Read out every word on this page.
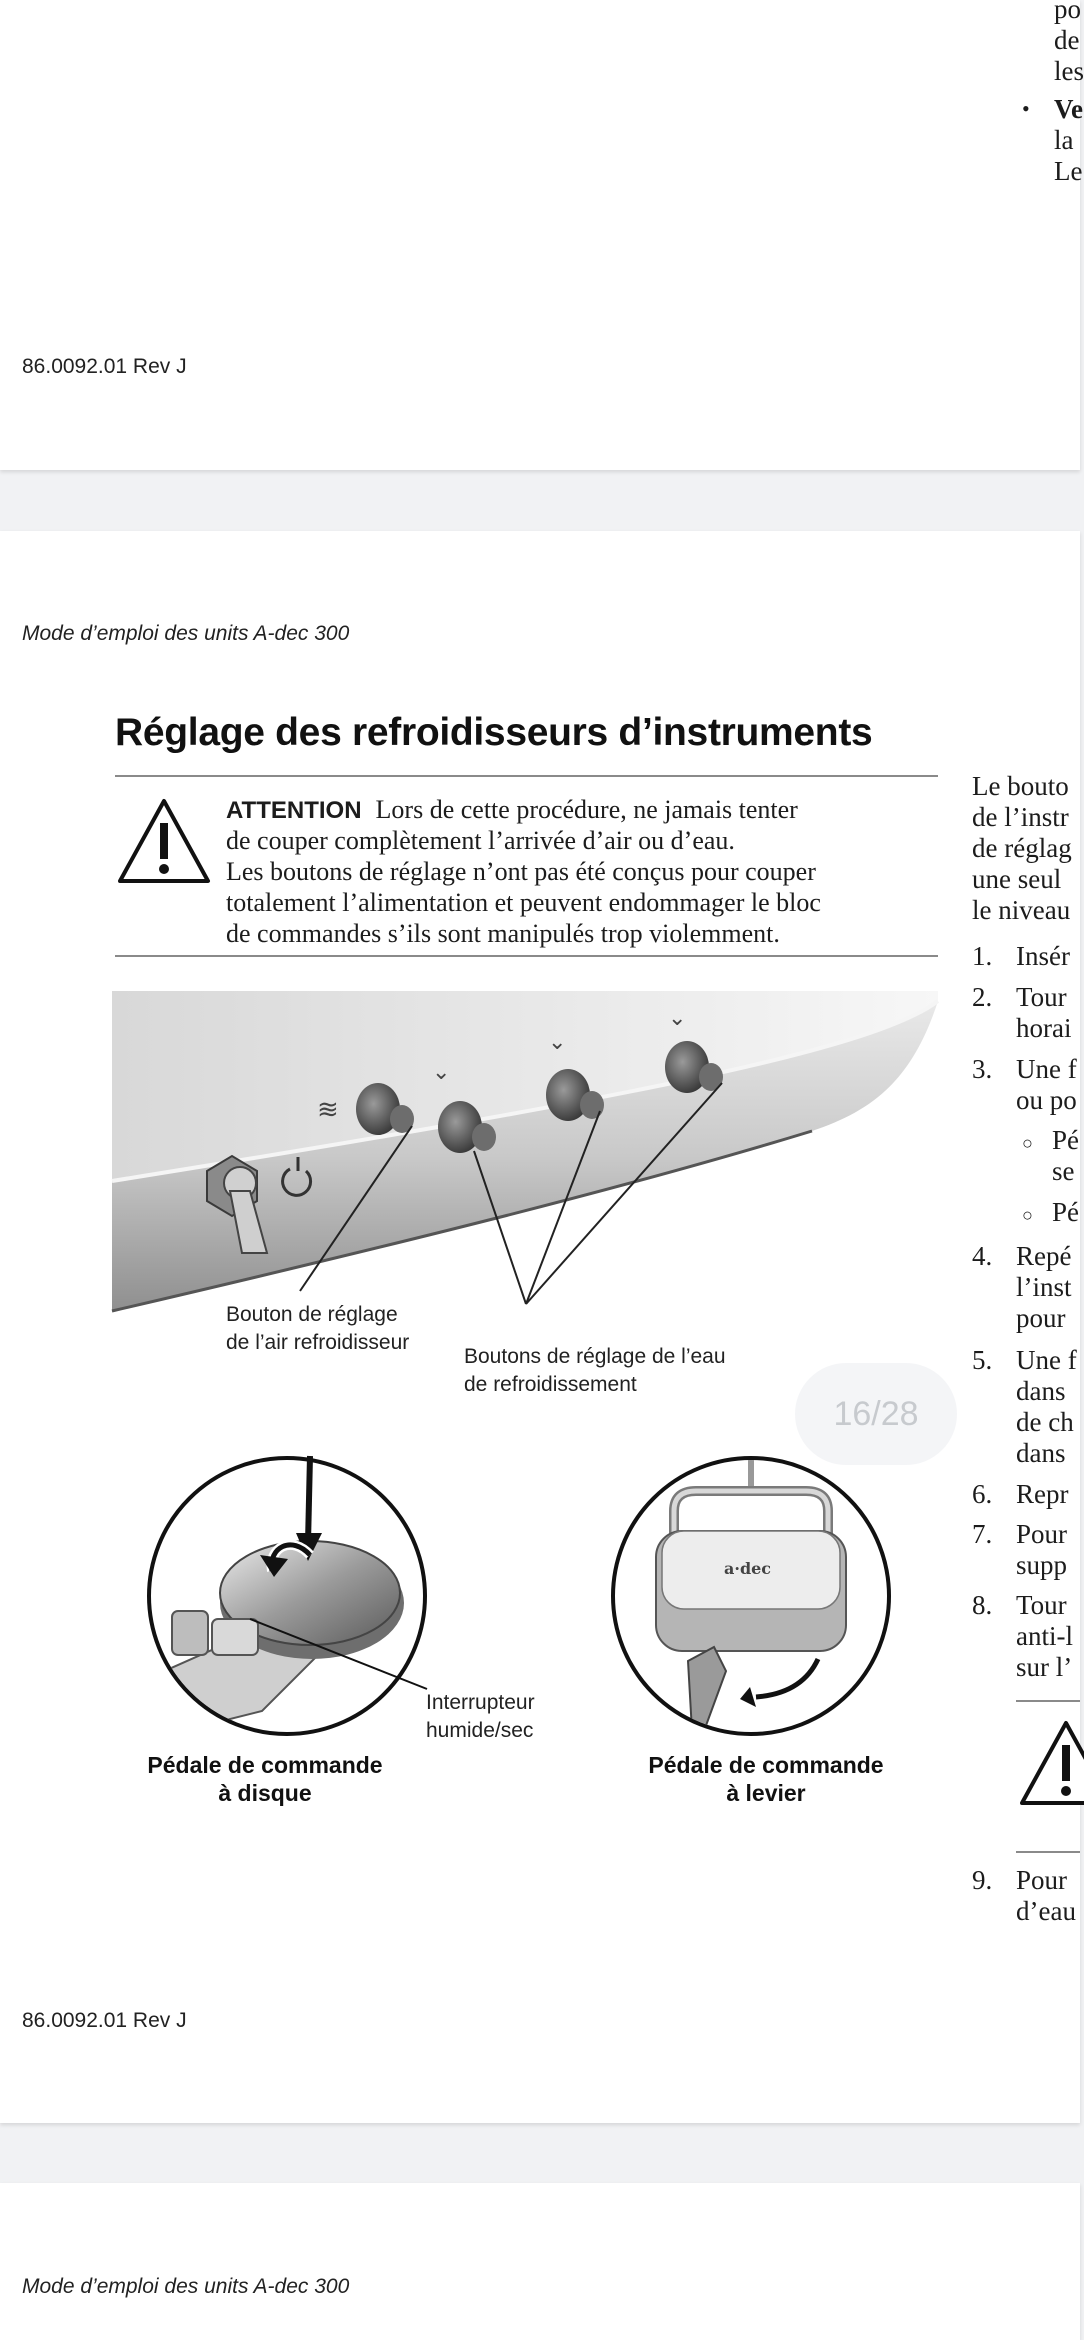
po
de
les
• Ve
la
Le
86.0092.01 Rev J
Mode d’emploi des units A-dec 300
Réglage des refroidisseurs d’instruments
ATTENTION Lors de cette procédure, ne jamais tenter
de couper complètement l’arrivée d’air ou d’eau.
Les boutons de réglage n’ont pas été conçus pour couper
totalement l’alimentation et peuvent endommager le bloc
de commandes s’ils sont manipulés trop violemment.
≋
⌄
⌄
⌄
Bouton de réglage
de l’air refroidisseur
Boutons de réglage de l’eau
de refroidissement
Interrupteur
humide/sec
Pédale de commande
à disque
a·dec
Pédale de commande
à levier
Le bouto
de l’instr
de réglag
une seul
le niveau
1. Insér
2. Tour
horai
3. Une f
ou po
○ Pé
se
○ Pé
4. Repé
l’inst
pour
5. Une f
dans
de ch
dans
6. Repr
7. Pour
supp
8. Tour
anti-l
sur l’
9. Pour
d’eau
86.0092.01 Rev J
16/28
Mode d’emploi des units A-dec 300
